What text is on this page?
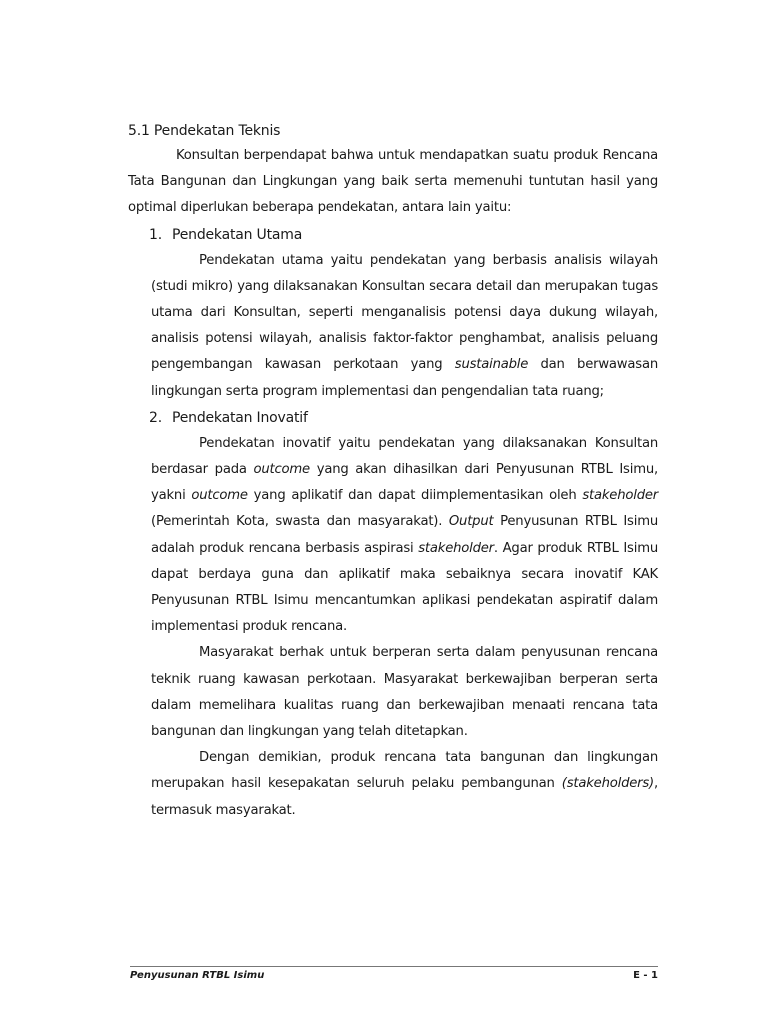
5.1 Pendekatan Teknis

Konsultan berpendapat bahwa untuk mendapatkan suatu produk Rencana Tata Bangunan dan Lingkungan yang baik serta memenuhi tuntutan hasil yang optimal diperlukan beberapa pendekatan, antara lain yaitu:

1. Pendekatan Utama

Pendekatan utama yaitu pendekatan yang berbasis analisis wilayah (studi mikro) yang dilaksanakan Konsultan secara detail dan merupakan tugas utama dari Konsultan, seperti menganalisis potensi daya dukung wilayah, analisis potensi wilayah, analisis faktor-faktor penghambat, analisis peluang pengembangan kawasan perkotaan yang sustainable dan berwawasan lingkungan serta program implementasi dan pengendalian tata ruang;

2. Pendekatan Inovatif

Pendekatan inovatif yaitu pendekatan yang dilaksanakan Konsultan berdasar pada outcome yang akan dihasilkan dari Penyusunan RTBL Isimu, yakni outcome yang aplikatif dan dapat diimplementasikan oleh stakeholder (Pemerintah Kota, swasta dan masyarakat). Output Penyusunan RTBL Isimu adalah produk rencana berbasis aspirasi stakeholder. Agar produk RTBL Isimu dapat berdaya guna dan aplikatif maka sebaiknya secara inovatif KAK Penyusunan RTBL Isimu mencantumkan aplikasi pendekatan aspiratif dalam implementasi produk rencana.

Masyarakat berhak untuk berperan serta dalam penyusunan rencana teknik ruang kawasan perkotaan. Masyarakat berkewajiban berperan serta dalam memelihara kualitas ruang dan berkewajiban menaati rencana tata bangunan dan lingkungan yang telah ditetapkan.

Dengan demikian, produk rencana tata bangunan dan lingkungan merupakan hasil kesepakatan seluruh pelaku pembangunan (stakeholders), termasuk masyarakat.

Penyusunan RTBL Isimu	E - 1
